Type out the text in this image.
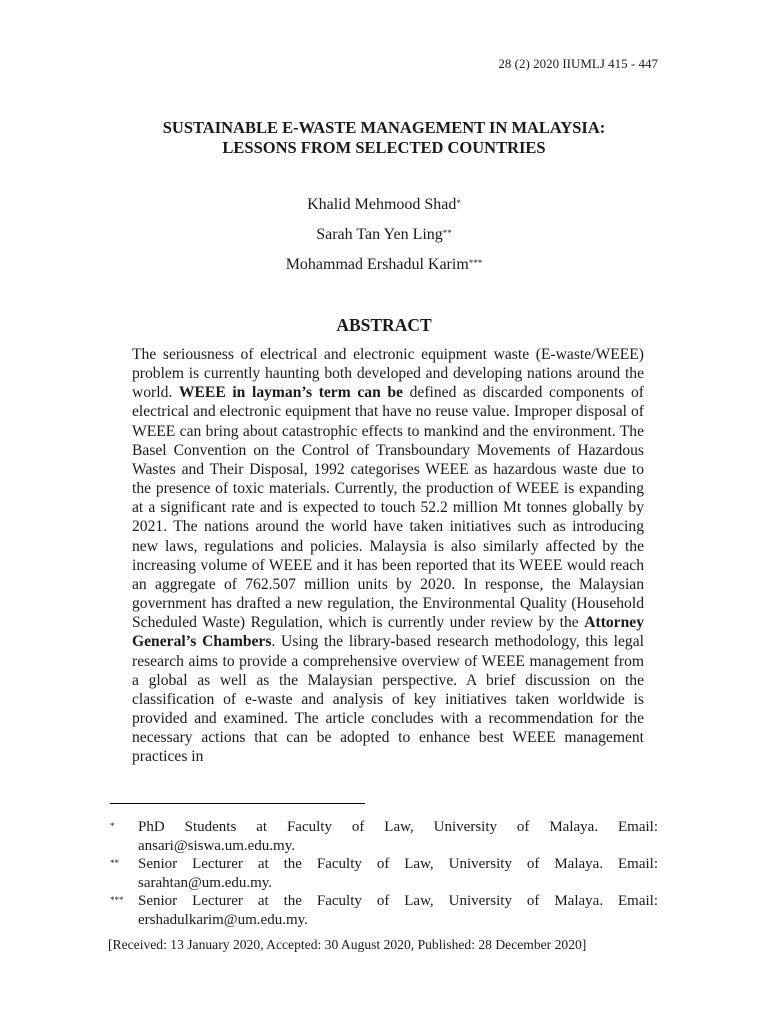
28 (2) 2020 IIUMLJ 415 - 447
SUSTAINABLE E-WASTE MANAGEMENT IN MALAYSIA:
LESSONS FROM SELECTED COUNTRIES
Khalid Mehmood Shad*
Sarah Tan Yen Ling**
Mohammad Ershadul Karim***
ABSTRACT
The seriousness of electrical and electronic equipment waste (E-waste/WEEE) problem is currently haunting both developed and developing nations around the world. WEEE in layman’s term can be defined as discarded components of electrical and electronic equipment that have no reuse value. Improper disposal of WEEE can bring about catastrophic effects to mankind and the environment. The Basel Convention on the Control of Transboundary Movements of Hazardous Wastes and Their Disposal, 1992 categorises WEEE as hazardous waste due to the presence of toxic materials. Currently, the production of WEEE is expanding at a significant rate and is expected to touch 52.2 million Mt tonnes globally by 2021. The nations around the world have taken initiatives such as introducing new laws, regulations and policies. Malaysia is also similarly affected by the increasing volume of WEEE and it has been reported that its WEEE would reach an aggregate of 762.507 million units by 2020. In response, the Malaysian government has drafted a new regulation, the Environmental Quality (Household Scheduled Waste) Regulation, which is currently under review by the Attorney General’s Chambers. Using the library-based research methodology, this legal research aims to provide a comprehensive overview of WEEE management from a global as well as the Malaysian perspective. A brief discussion on the classification of e-waste and analysis of key initiatives taken worldwide is provided and examined. The article concludes with a recommendation for the necessary actions that can be adopted to enhance best WEEE management practices in
* PhD Students at Faculty of Law, University of Malaya. Email: ansari@siswa.um.edu.my.
** Senior Lecturer at the Faculty of Law, University of Malaya. Email: sarahtan@um.edu.my.
*** Senior Lecturer at the Faculty of Law, University of Malaya. Email: ershadulkarim@um.edu.my.
[Received: 13 January 2020, Accepted: 30 August 2020, Published: 28 December 2020]
